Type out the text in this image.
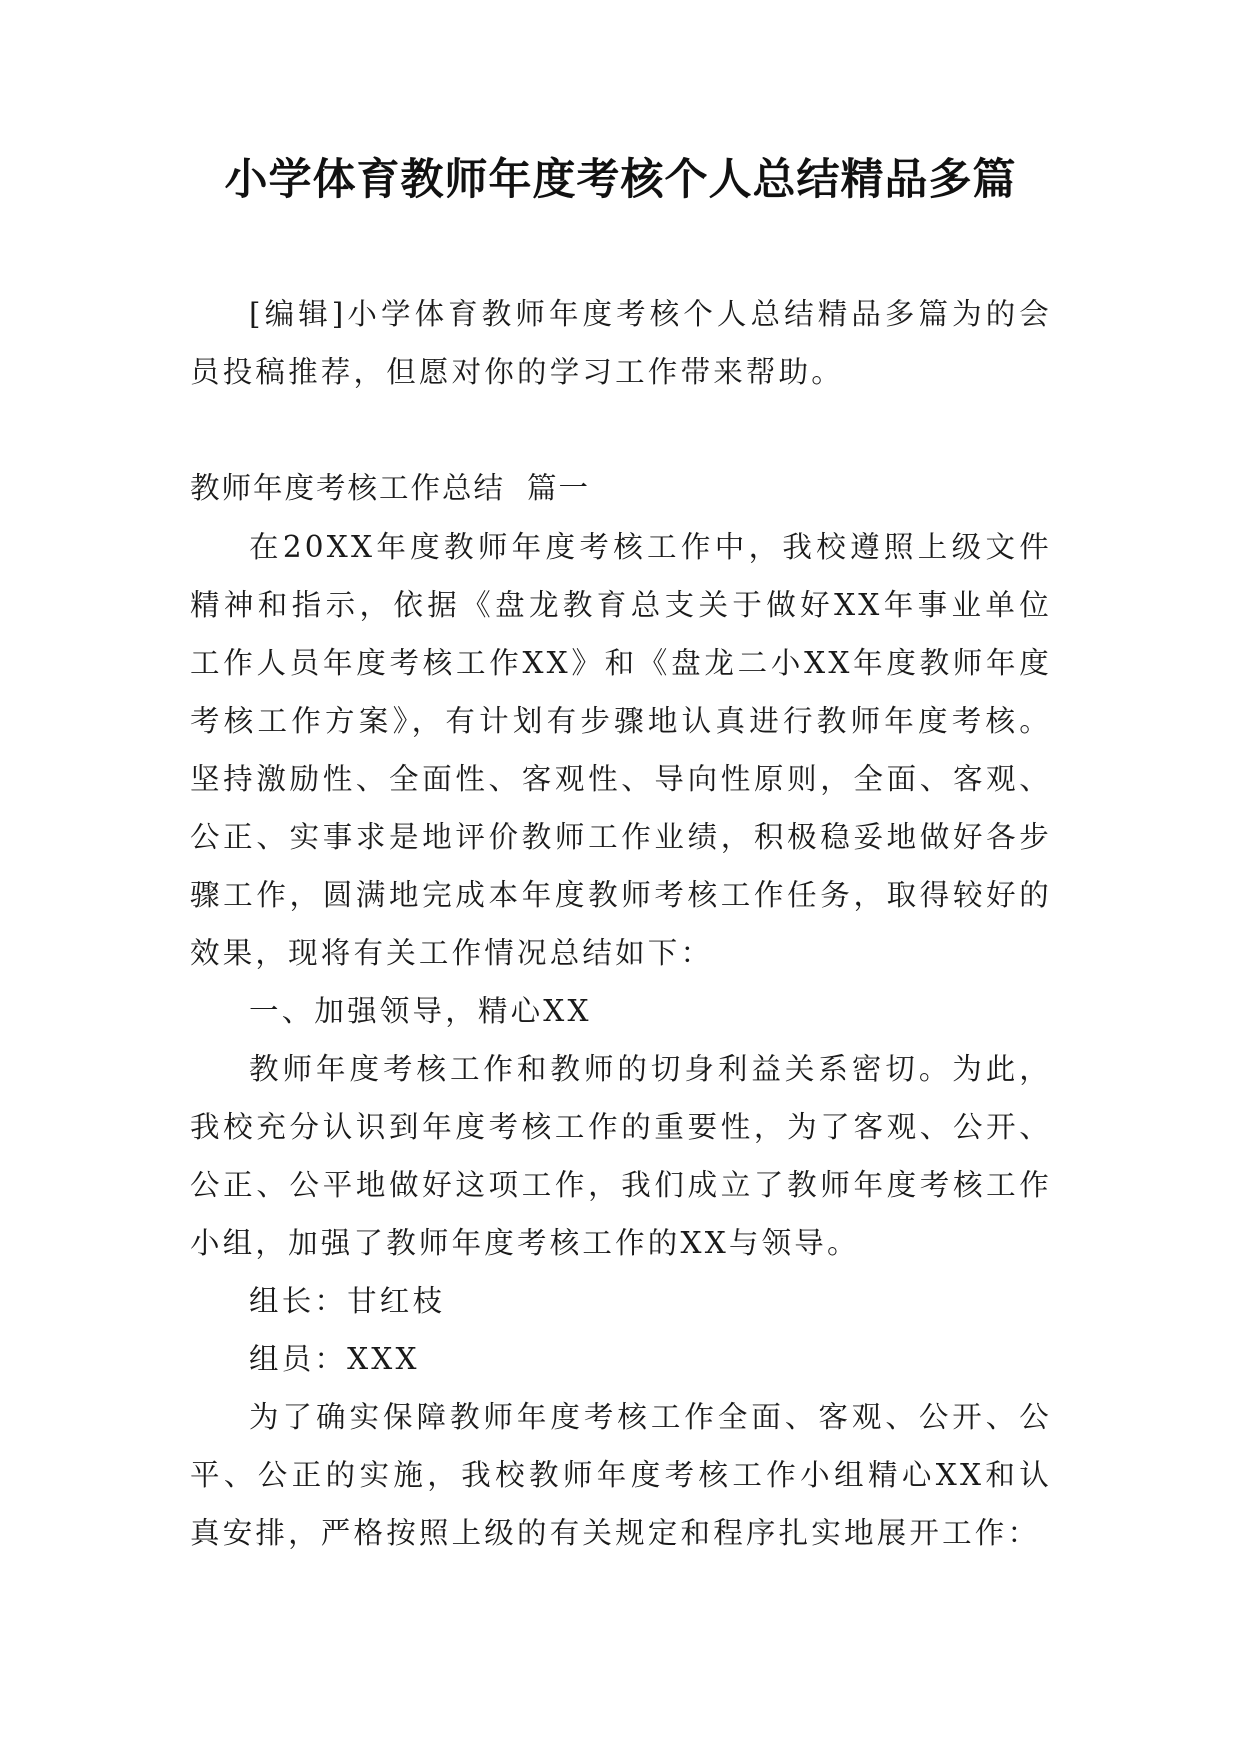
小学体育教师年度考核个人总结精品多篇

[编辑]小学体育教师年度考核个人总结精品多篇为的会员投稿推荐，但愿对你的学习工作带来帮助。

教师年度考核工作总结 篇一

在20XX年度教师年度考核工作中，我校遵照上级文件精神和指示，依据《盘龙教育总支关于做好XX年事业单位工作人员年度考核工作XX》和《盘龙二小XX年度教师年度考核工作方案》，有计划有步骤地认真进行教师年度考核。坚持激励性、全面性、客观性、导向性原则，全面、客观、公正、实事求是地评价教师工作业绩，积极稳妥地做好各步骤工作，圆满地完成本年度教师考核工作任务，取得较好的效果，现将有关工作情况总结如下：

一、加强领导，精心XX

教师年度考核工作和教师的切身利益关系密切。为此，我校充分认识到年度考核工作的重要性，为了客观、公开、公正、公平地做好这项工作，我们成立了教师年度考核工作小组，加强了教师年度考核工作的XX与领导。

组长：甘红枝

组员：XXX

为了确实保障教师年度考核工作全面、客观、公开、公平、公正的实施，我校教师年度考核工作小组精心XX和认真安排，严格按照上级的有关规定和程序扎实地展开工作：
